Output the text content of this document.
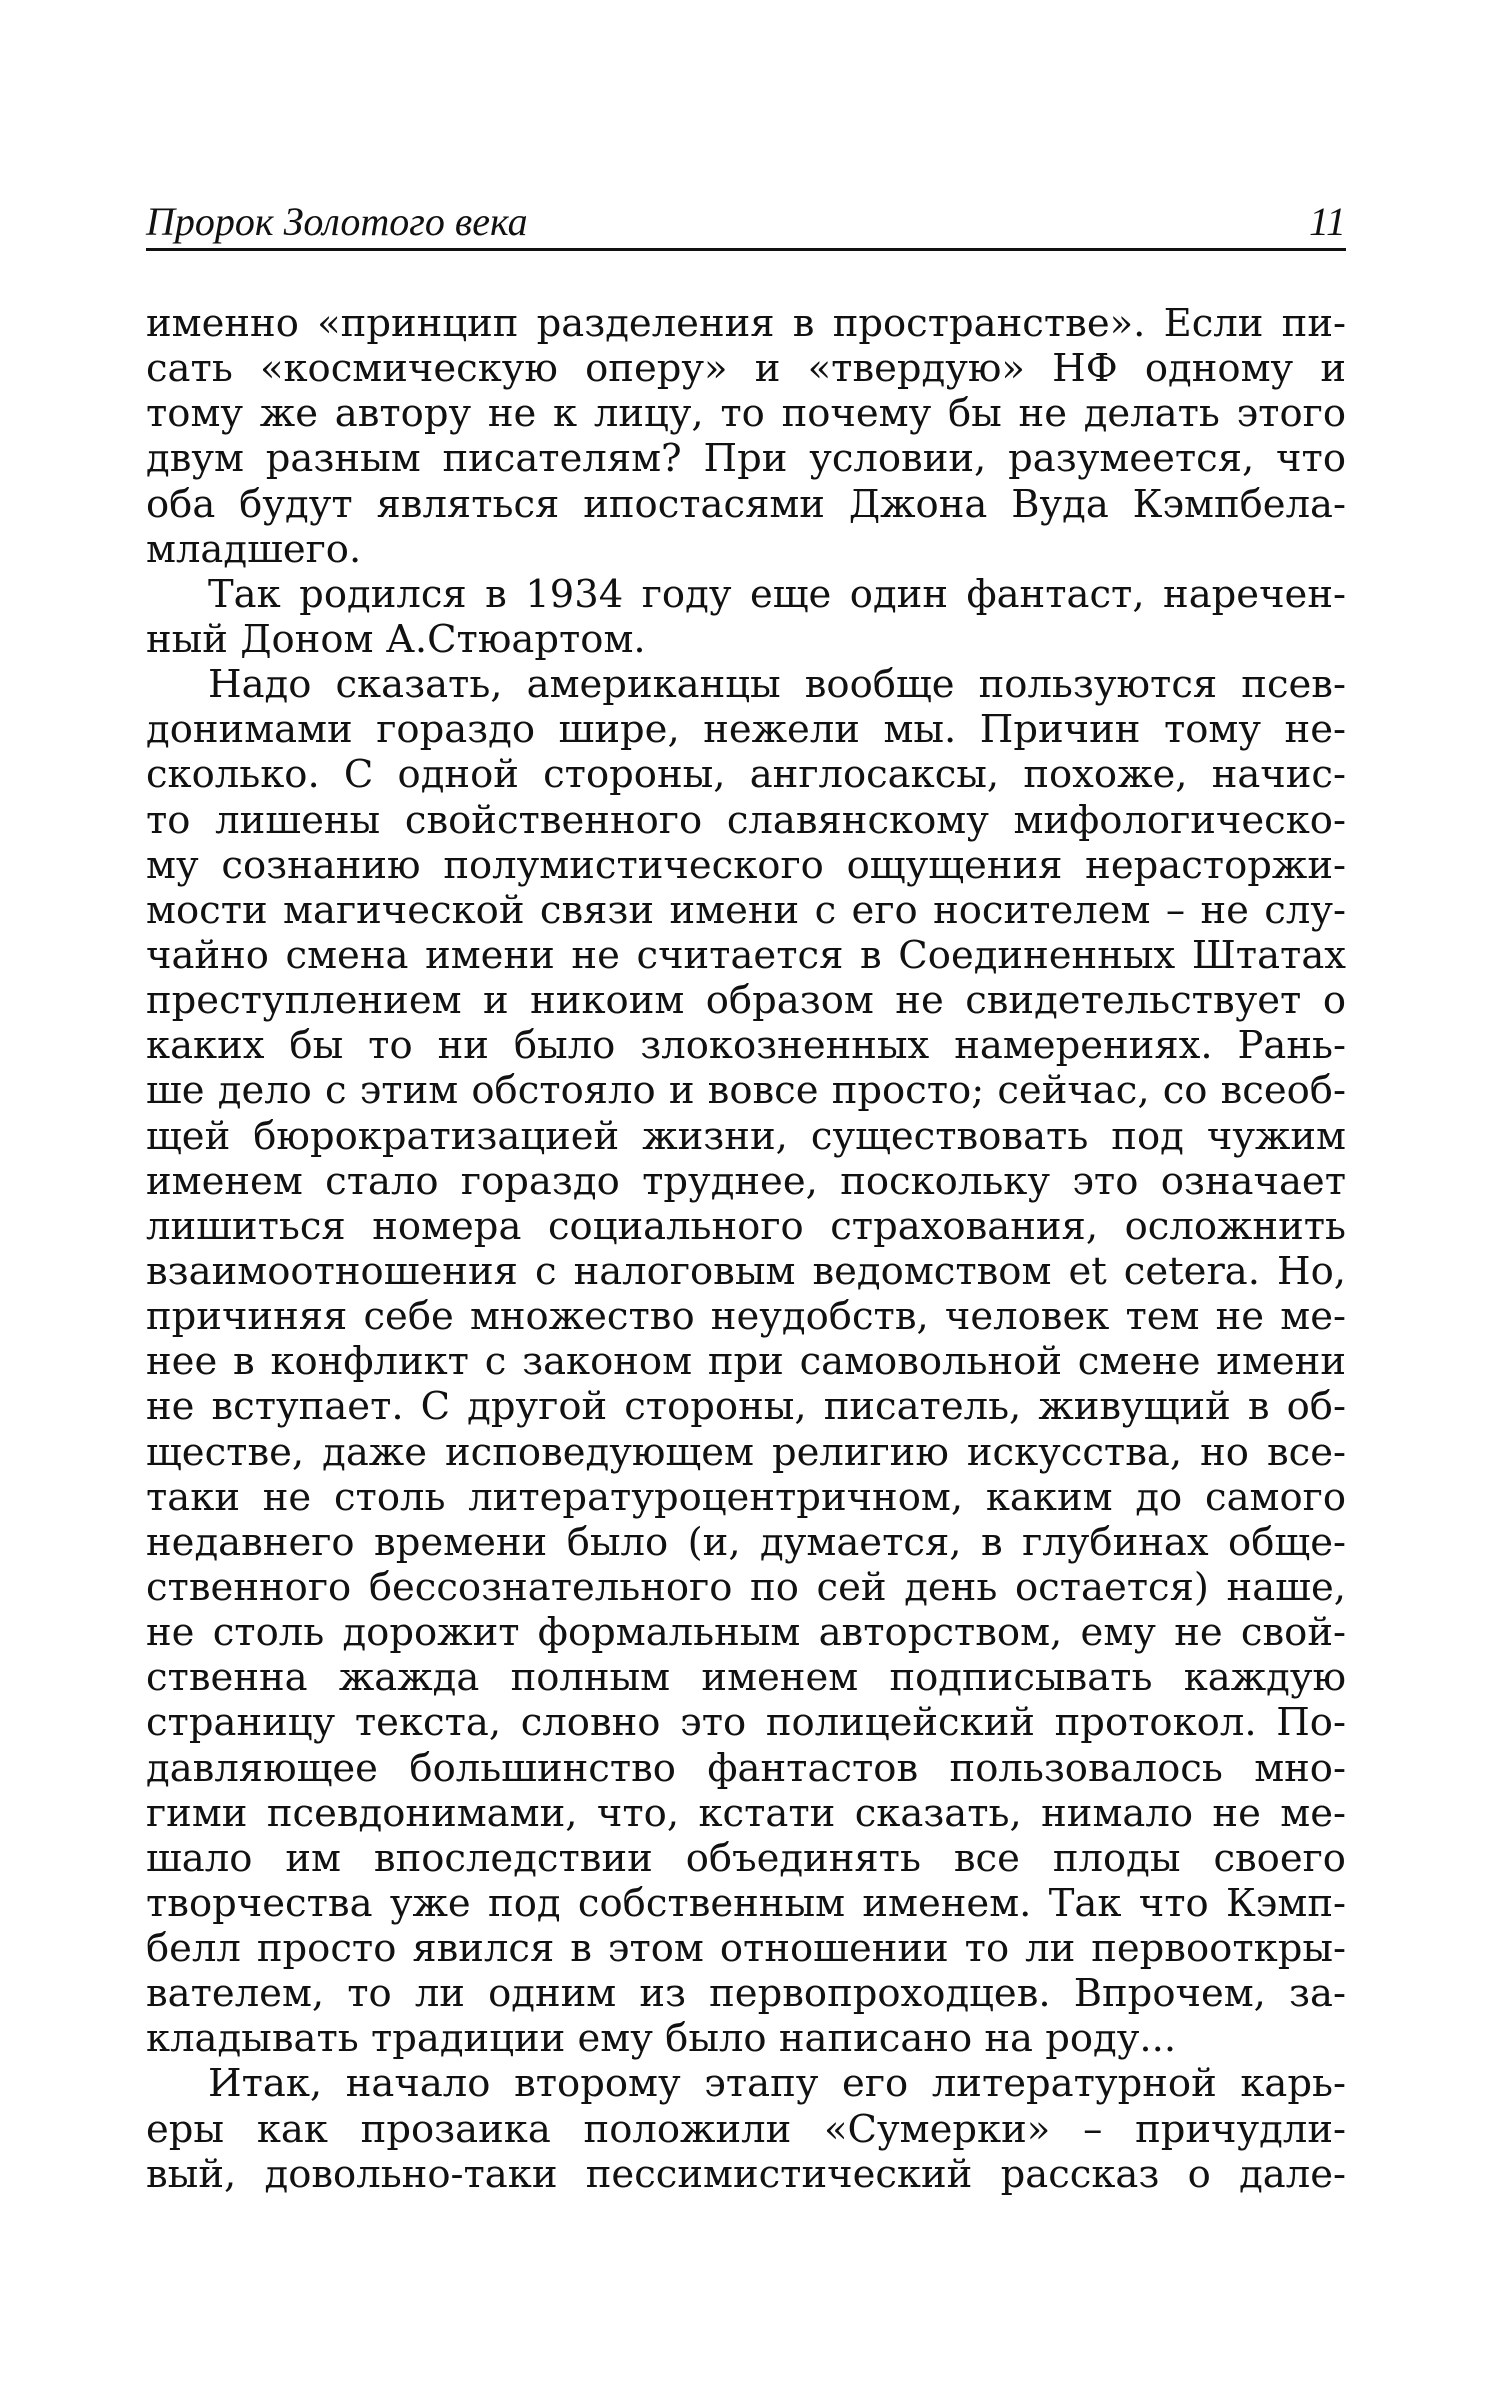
Пророк Золотого века	11
именно «принцип разделения в пространстве». Если пи-
сать «космическую оперу» и «твердую» НФ одному и
тому же автору не к лицу, то почему бы не делать этого
двум разным писателям? При условии, разумеется, что
оба будут являться ипостасями Джона Вуда Кэмпбела-
младшего.
Так родился в 1934 году еще один фантаст, наречен-
ный Доном А.Стюартом.
Надо сказать, американцы вообще пользуются псев-
донимами гораздо шире, нежели мы. Причин тому не-
сколько. С одной стороны, англосаксы, похоже, начис-
то лишены свойственного славянскому мифологическо-
му сознанию полумистического ощущения нерасторжи-
мости магической связи имени с его носителем – не слу-
чайно смена имени не считается в Соединенных Штатах
преступлением и никоим образом не свидетельствует о
каких бы то ни было злокозненных намерениях. Рань-
ше дело с этим обстояло и вовсе просто; сейчас, со всеоб-
щей бюрократизацией жизни, существовать под чужим
именем стало гораздо труднее, поскольку это означает
лишиться номера социального страхования, осложнить
взаимоотношения с налоговым ведомством et cetera. Но,
причиняя себе множество неудобств, человек тем не ме-
нее в конфликт с законом при самовольной смене имени
не вступает. С другой стороны, писатель, живущий в об-
ществе, даже исповедующем религию искусства, но все-
таки не столь литературоцентричном, каким до самого
недавнего времени было (и, думается, в глубинах обще-
ственного бессознательного по сей день остается) наше,
не столь дорожит формальным авторством, ему не свой-
ственна жажда полным именем подписывать каждую
страницу текста, словно это полицейский протокол. По-
давляющее большинство фантастов пользовалось мно-
гими псевдонимами, что, кстати сказать, нимало не ме-
шало им впоследствии объединять все плоды своего
творчества уже под собственным именем. Так что Кэмп-
белл просто явился в этом отношении то ли первооткры-
вателем, то ли одним из первопроходцев. Впрочем, за-
кладывать традиции ему было написано на роду...
Итак, начало второму этапу его литературной карь-
еры как прозаика положили «Сумерки» – причудли-
вый, довольно-таки пессимистический рассказ о дале-
